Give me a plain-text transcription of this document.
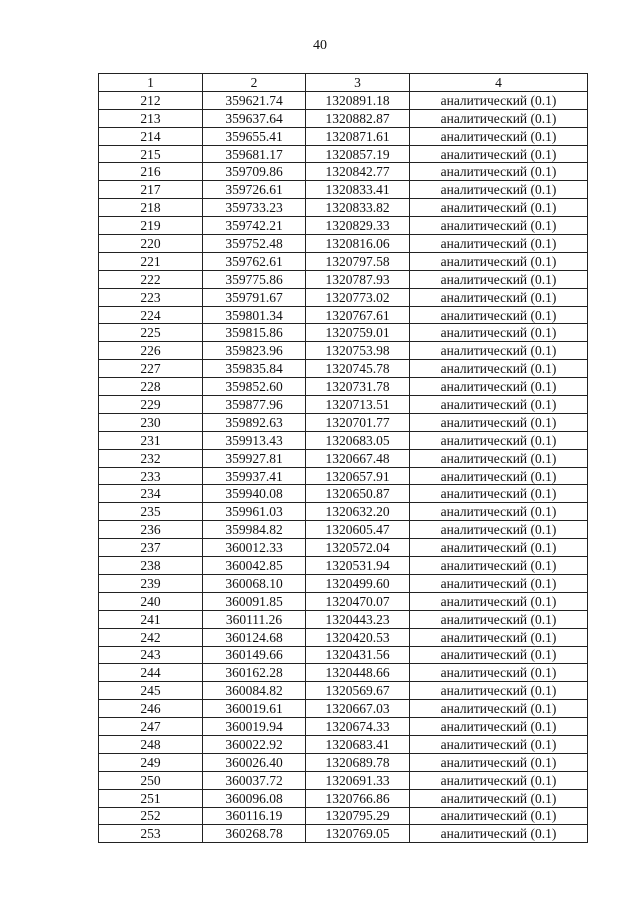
40
1	2	3	4
212	359621.74	1320891.18	аналитический (0.1)
213	359637.64	1320882.87	аналитический (0.1)
214	359655.41	1320871.61	аналитический (0.1)
215	359681.17	1320857.19	аналитический (0.1)
216	359709.86	1320842.77	аналитический (0.1)
217	359726.61	1320833.41	аналитический (0.1)
218	359733.23	1320833.82	аналитический (0.1)
219	359742.21	1320829.33	аналитический (0.1)
220	359752.48	1320816.06	аналитический (0.1)
221	359762.61	1320797.58	аналитический (0.1)
222	359775.86	1320787.93	аналитический (0.1)
223	359791.67	1320773.02	аналитический (0.1)
224	359801.34	1320767.61	аналитический (0.1)
225	359815.86	1320759.01	аналитический (0.1)
226	359823.96	1320753.98	аналитический (0.1)
227	359835.84	1320745.78	аналитический (0.1)
228	359852.60	1320731.78	аналитический (0.1)
229	359877.96	1320713.51	аналитический (0.1)
230	359892.63	1320701.77	аналитический (0.1)
231	359913.43	1320683.05	аналитический (0.1)
232	359927.81	1320667.48	аналитический (0.1)
233	359937.41	1320657.91	аналитический (0.1)
234	359940.08	1320650.87	аналитический (0.1)
235	359961.03	1320632.20	аналитический (0.1)
236	359984.82	1320605.47	аналитический (0.1)
237	360012.33	1320572.04	аналитический (0.1)
238	360042.85	1320531.94	аналитический (0.1)
239	360068.10	1320499.60	аналитический (0.1)
240	360091.85	1320470.07	аналитический (0.1)
241	360111.26	1320443.23	аналитический (0.1)
242	360124.68	1320420.53	аналитический (0.1)
243	360149.66	1320431.56	аналитический (0.1)
244	360162.28	1320448.66	аналитический (0.1)
245	360084.82	1320569.67	аналитический (0.1)
246	360019.61	1320667.03	аналитический (0.1)
247	360019.94	1320674.33	аналитический (0.1)
248	360022.92	1320683.41	аналитический (0.1)
249	360026.40	1320689.78	аналитический (0.1)
250	360037.72	1320691.33	аналитический (0.1)
251	360096.08	1320766.86	аналитический (0.1)
252	360116.19	1320795.29	аналитический (0.1)
253	360268.78	1320769.05	аналитический (0.1)
